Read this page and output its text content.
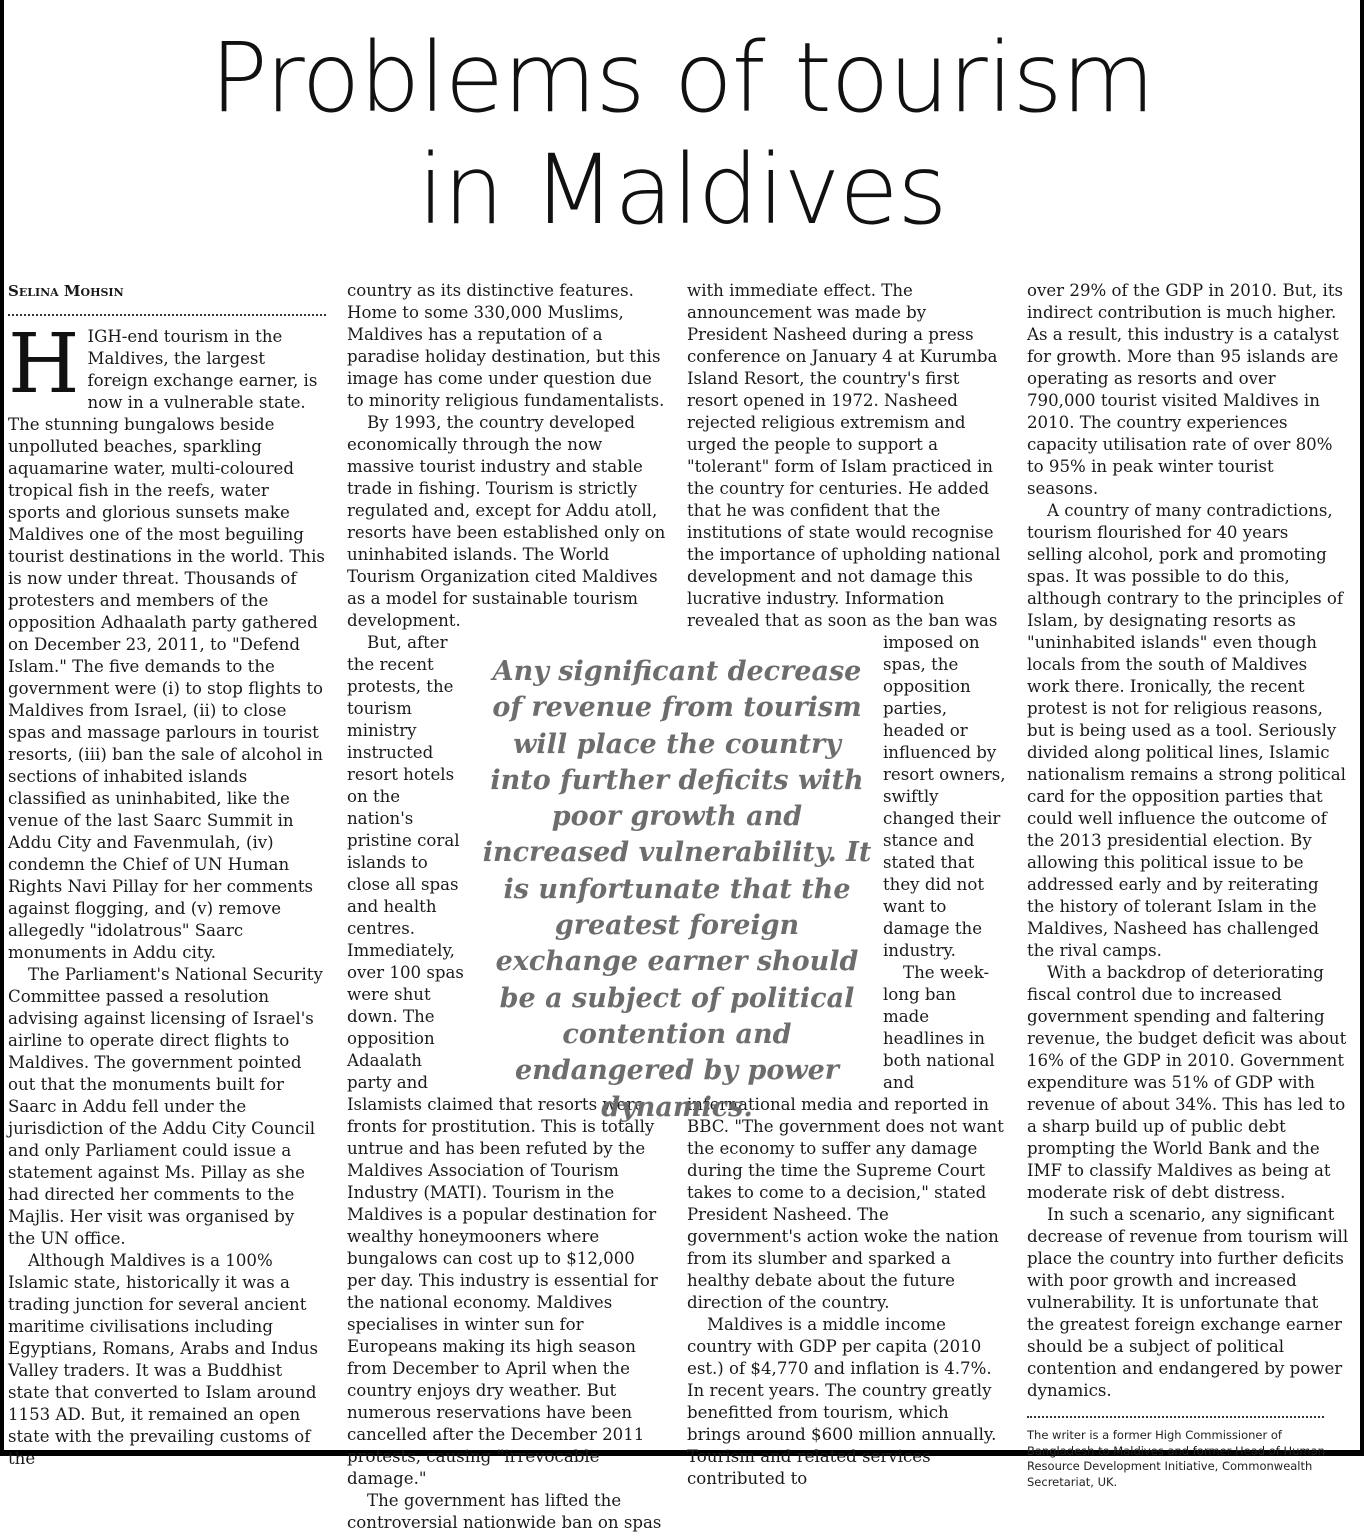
Problems of tourism
in Maldives

Selina Mohsin

HIGH-end tourism in the Maldives, the largest foreign exchange earner, is now in a vulnerable state. The stunning bungalows beside unpolluted beaches, sparkling aquamarine water, multi-coloured tropical fish in the reefs, water sports and glorious sunsets make Maldives one of the most beguiling tourist destinations in the world. This is now under threat. Thousands of protesters and members of the opposition Adhaalath party gathered on December 23, 2011, to "Defend Islam." The five demands to the government were (i) to stop flights to Maldives from Israel, (ii) to close spas and massage parlours in tourist resorts, (iii) ban the sale of alcohol in sections of inhabited islands classified as uninhabited, like the venue of the last Saarc Summit in Addu City and Favenmulah, (iv) condemn the Chief of UN Human Rights Navi Pillay for her comments against flogging, and (v) remove allegedly "idolatrous" Saarc monuments in Addu city.

The Parliament's National Security Committee passed a resolution advising against licensing of Israel's airline to operate direct flights to Maldives. The government pointed out that the monuments built for Saarc in Addu fell under the jurisdiction of the Addu City Council and only Parliament could issue a statement against Ms. Pillay as she had directed her comments to the Majlis. Her visit was organised by the UN office.

Although Maldives is a 100% Islamic state, historically it was a trading junction for several ancient maritime civilisations including Egyptians, Romans, Arabs and Indus Valley traders. It was a Buddhist state that converted to Islam around 1153 AD. But, it remained an open state with the prevailing customs of the

country as its distinctive features. Home to some 330,000 Muslims, Maldives has a reputation of a paradise holiday destination, but this image has come under question due to minority religious fundamentalists.

By 1993, the country developed economically through the now massive tourist industry and stable trade in fishing. Tourism is strictly regulated and, except for Addu atoll, resorts have been established only on uninhabited islands. The World Tourism Organization cited Maldives as a model for sustainable tourism development.

But, after the recent protests, the tourism ministry instructed resort hotels on the nation's pristine coral islands to close all spas and health centres. Immediately, over 100 spas were shut down. The opposition Adaalath party and Islamists claimed that resorts were fronts for prostitution. This is totally untrue and has been refuted by the Maldives Association of Tourism Industry (MATI). Tourism in the Maldives is a popular destination for wealthy honeymooners where bungalows can cost up to $12,000 per day. This industry is essential for the national economy. Maldives specialises in winter sun for Europeans making its high season from December to April when the country enjoys dry weather. But numerous reservations have been cancelled after the December 2011 protests, causing "irrevocable damage."

The government has lifted the controversial nationwide ban on spas

with immediate effect. The announcement was made by President Nasheed during a press conference on January 4 at Kurumba Island Resort, the country's first resort opened in 1972. Nasheed rejected religious extremism and urged the people to support a "tolerant" form of Islam practiced in the country for centuries. He added that he was confident that the institutions of state would recognise the importance of upholding national development and not damage this lucrative industry. Information revealed that as soon as the ban was imposed on spas, the opposition parties, headed or influenced by resort owners, swiftly changed their stance and stated that they did not want to damage the industry.

The week-long ban made headlines in both national and international media and reported in BBC. "The government does not want the economy to suffer any damage during the time the Supreme Court takes to come to a decision," stated President Nasheed. The government's action woke the nation from its slumber and sparked a healthy debate about the future direction of the country.

Maldives is a middle income country with GDP per capita (2010 est.) of $4,770 and inflation is 4.7%. In recent years. The country greatly benefitted from tourism, which brings around $600 million annually. Tourism and related services contributed to

over 29% of the GDP in 2010. But, its indirect contribution is much higher. As a result, this industry is a catalyst for growth. More than 95 islands are operating as resorts and over 790,000 tourist visited Maldives in 2010. The country experiences capacity utilisation rate of over 80% to 95% in peak winter tourist seasons.

A country of many contradictions, tourism flourished for 40 years selling alcohol, pork and promoting spas. It was possible to do this, although contrary to the principles of Islam, by designating resorts as "uninhabited islands" even though locals from the south of Maldives work there. Ironically, the recent protest is not for religious reasons, but is being used as a tool. Seriously divided along political lines, Islamic nationalism remains a strong political card for the opposition parties that could well influence the outcome of the 2013 presidential election. By allowing this political issue to be addressed early and by reiterating the history of tolerant Islam in the Maldives, Nasheed has challenged the rival camps.

With a backdrop of deteriorating fiscal control due to increased government spending and faltering revenue, the budget deficit was about 16% of the GDP in 2010. Government expenditure was 51% of GDP with revenue of about 34%. This has led to a sharp build up of public debt prompting the World Bank and the IMF to classify Maldives as being at moderate risk of debt distress.

In such a scenario, any significant decrease of revenue from tourism will place the country into further deficits with poor growth and increased vulnerability. It is unfortunate that the greatest foreign exchange earner should be a subject of political contention and endangered by power dynamics.

The writer is a former High Commissioner of Bangladesh to Maldives and former Head of Human Resource Development Initiative, Commonwealth Secretariat, UK.

Any significant decrease of revenue from tourism will place the country into further deficits with poor growth and increased vulnerability. It is unfortunate that the greatest foreign exchange earner should be a subject of political contention and endangered by power dynamics.
